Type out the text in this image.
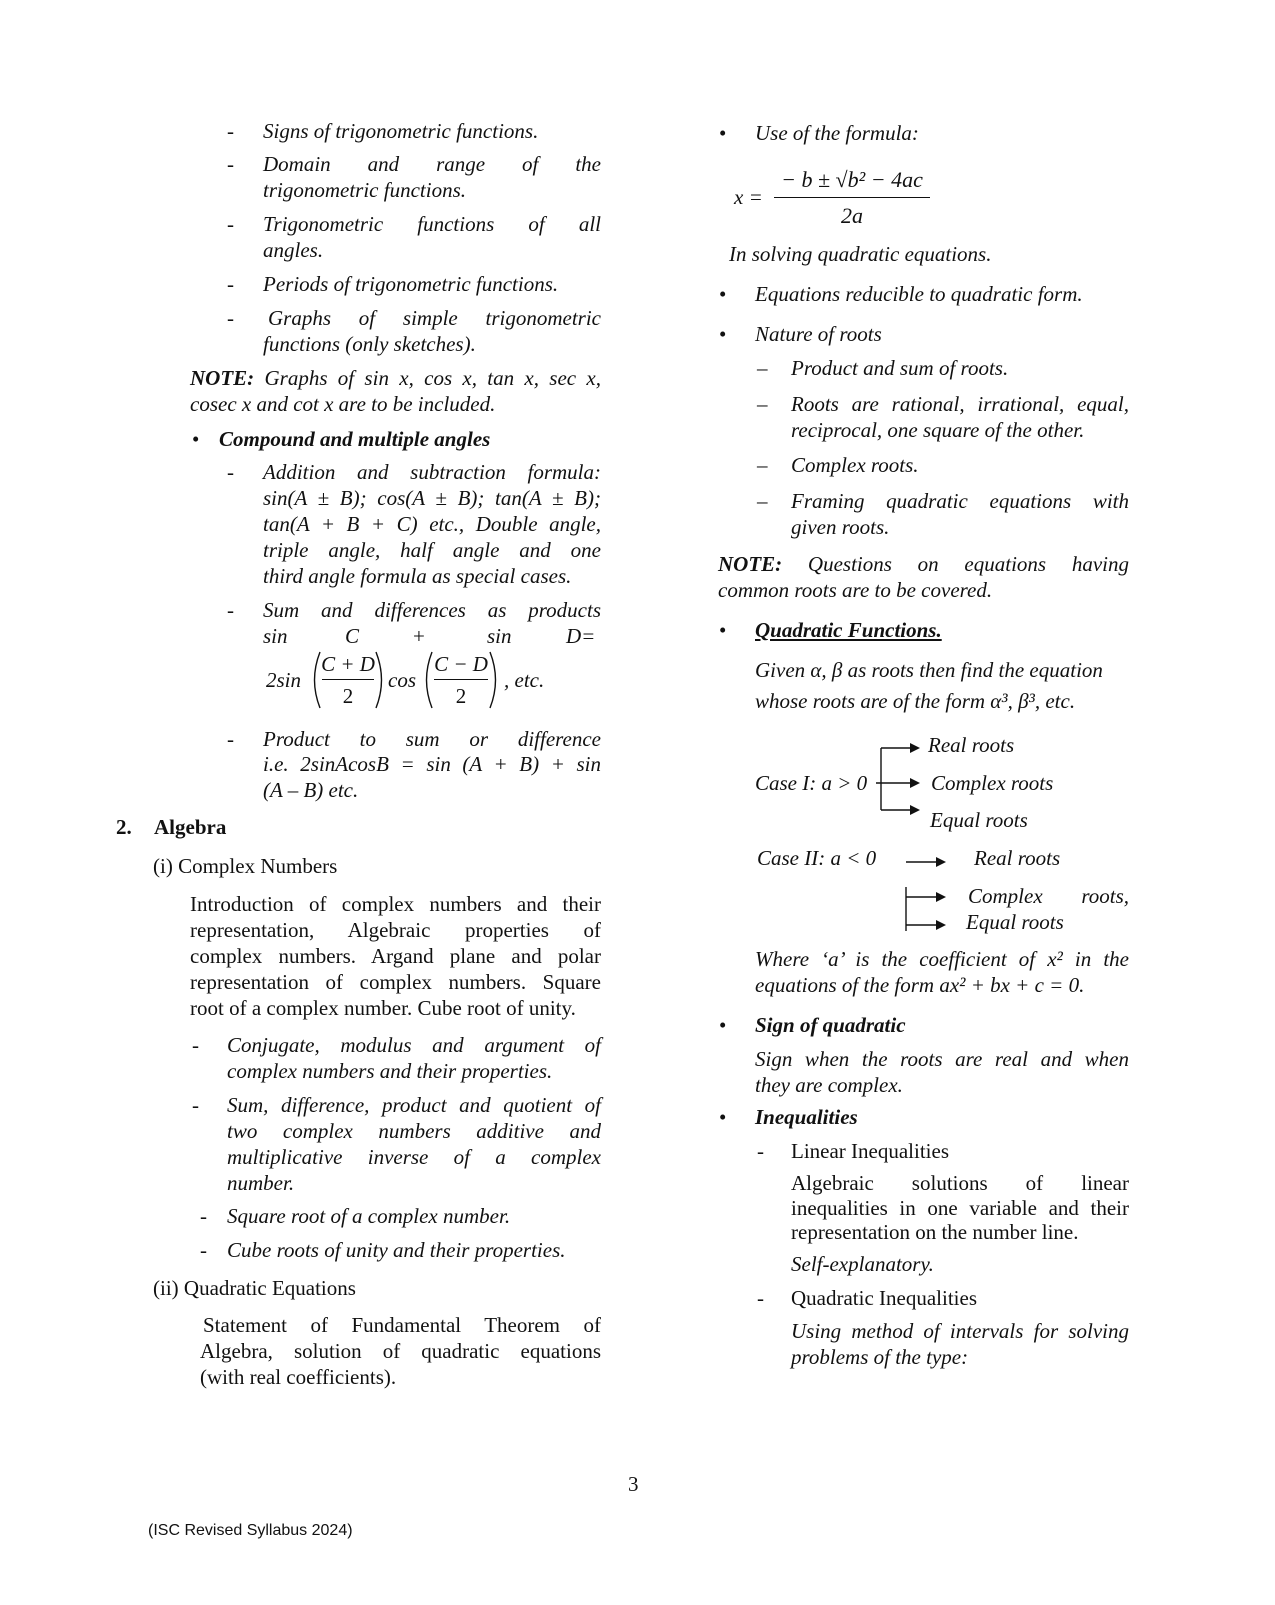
- Signs of trigonometric functions.
- Domain and range of the
trigonometric functions.
- Trigonometric functions of all
angles.
- Periods of trigonometric functions.
- Graphs of simple trigonometric
functions (only sketches).
NOTE: Graphs of sin x, cos x, tan x, sec x,
cosec x and cot x are to be included.
• Compound and multiple angles
- Addition and subtraction formula:
sin(A ± B); cos(A ± B); tan(A ± B);
tan(A + B + C) etc., Double angle,
triple angle, half angle and one
third angle formula as special cases.
- Sum and differences as products
sin	C	+	sin	D=
2sin
C + D
2
cos
C − D
2
, etc.
- Product to sum or difference
i.e. 2sinAcosB = sin (A + B) + sin
(A – B) etc.
2. Algebra
(i) Complex Numbers
Introduction of complex numbers and their
representation, Algebraic properties of
complex numbers. Argand plane and polar
representation of complex numbers. Square
root of a complex number. Cube root of unity.
- Conjugate, modulus and argument of
complex numbers and their properties.
- Sum, difference, product and quotient of
two complex numbers additive and
multiplicative inverse of a complex
number.
- Square root of a complex number.
- Cube roots of unity and their properties.
(ii) Quadratic Equations
Statement of Fundamental Theorem of
Algebra, solution of quadratic equations
(with real coefficients).
• Use of the formula:
x =
− b ± √b² − 4ac
2a
In solving quadratic equations.
• Equations reducible to quadratic form.
• Nature of roots
– Product and sum of roots.
– Roots are rational, irrational, equal,
reciprocal, one square of the other.
– Complex roots.
– Framing quadratic equations with
given roots.
NOTE: Questions on equations having
common roots are to be covered.
• Quadratic Functions.
Given α, β as roots then find the equation
whose roots are of the form α³, β³, etc.
Case I: a > 0
Real roots
Complex roots
Equal roots
Case II: a < 0	Real roots
Complex roots,
Equal roots
Where ‘a’ is the coefficient of x² in the
equations of the form ax² + bx + c = 0.
• Sign of quadratic
Sign when the roots are real and when
they are complex.
• Inequalities
- Linear Inequalities
Algebraic solutions of linear
inequalities in one variable and their
representation on the number line.
Self-explanatory.
- Quadratic Inequalities
Using method of intervals for solving
problems of the type:
3
(ISC Revised Syllabus 2024)
